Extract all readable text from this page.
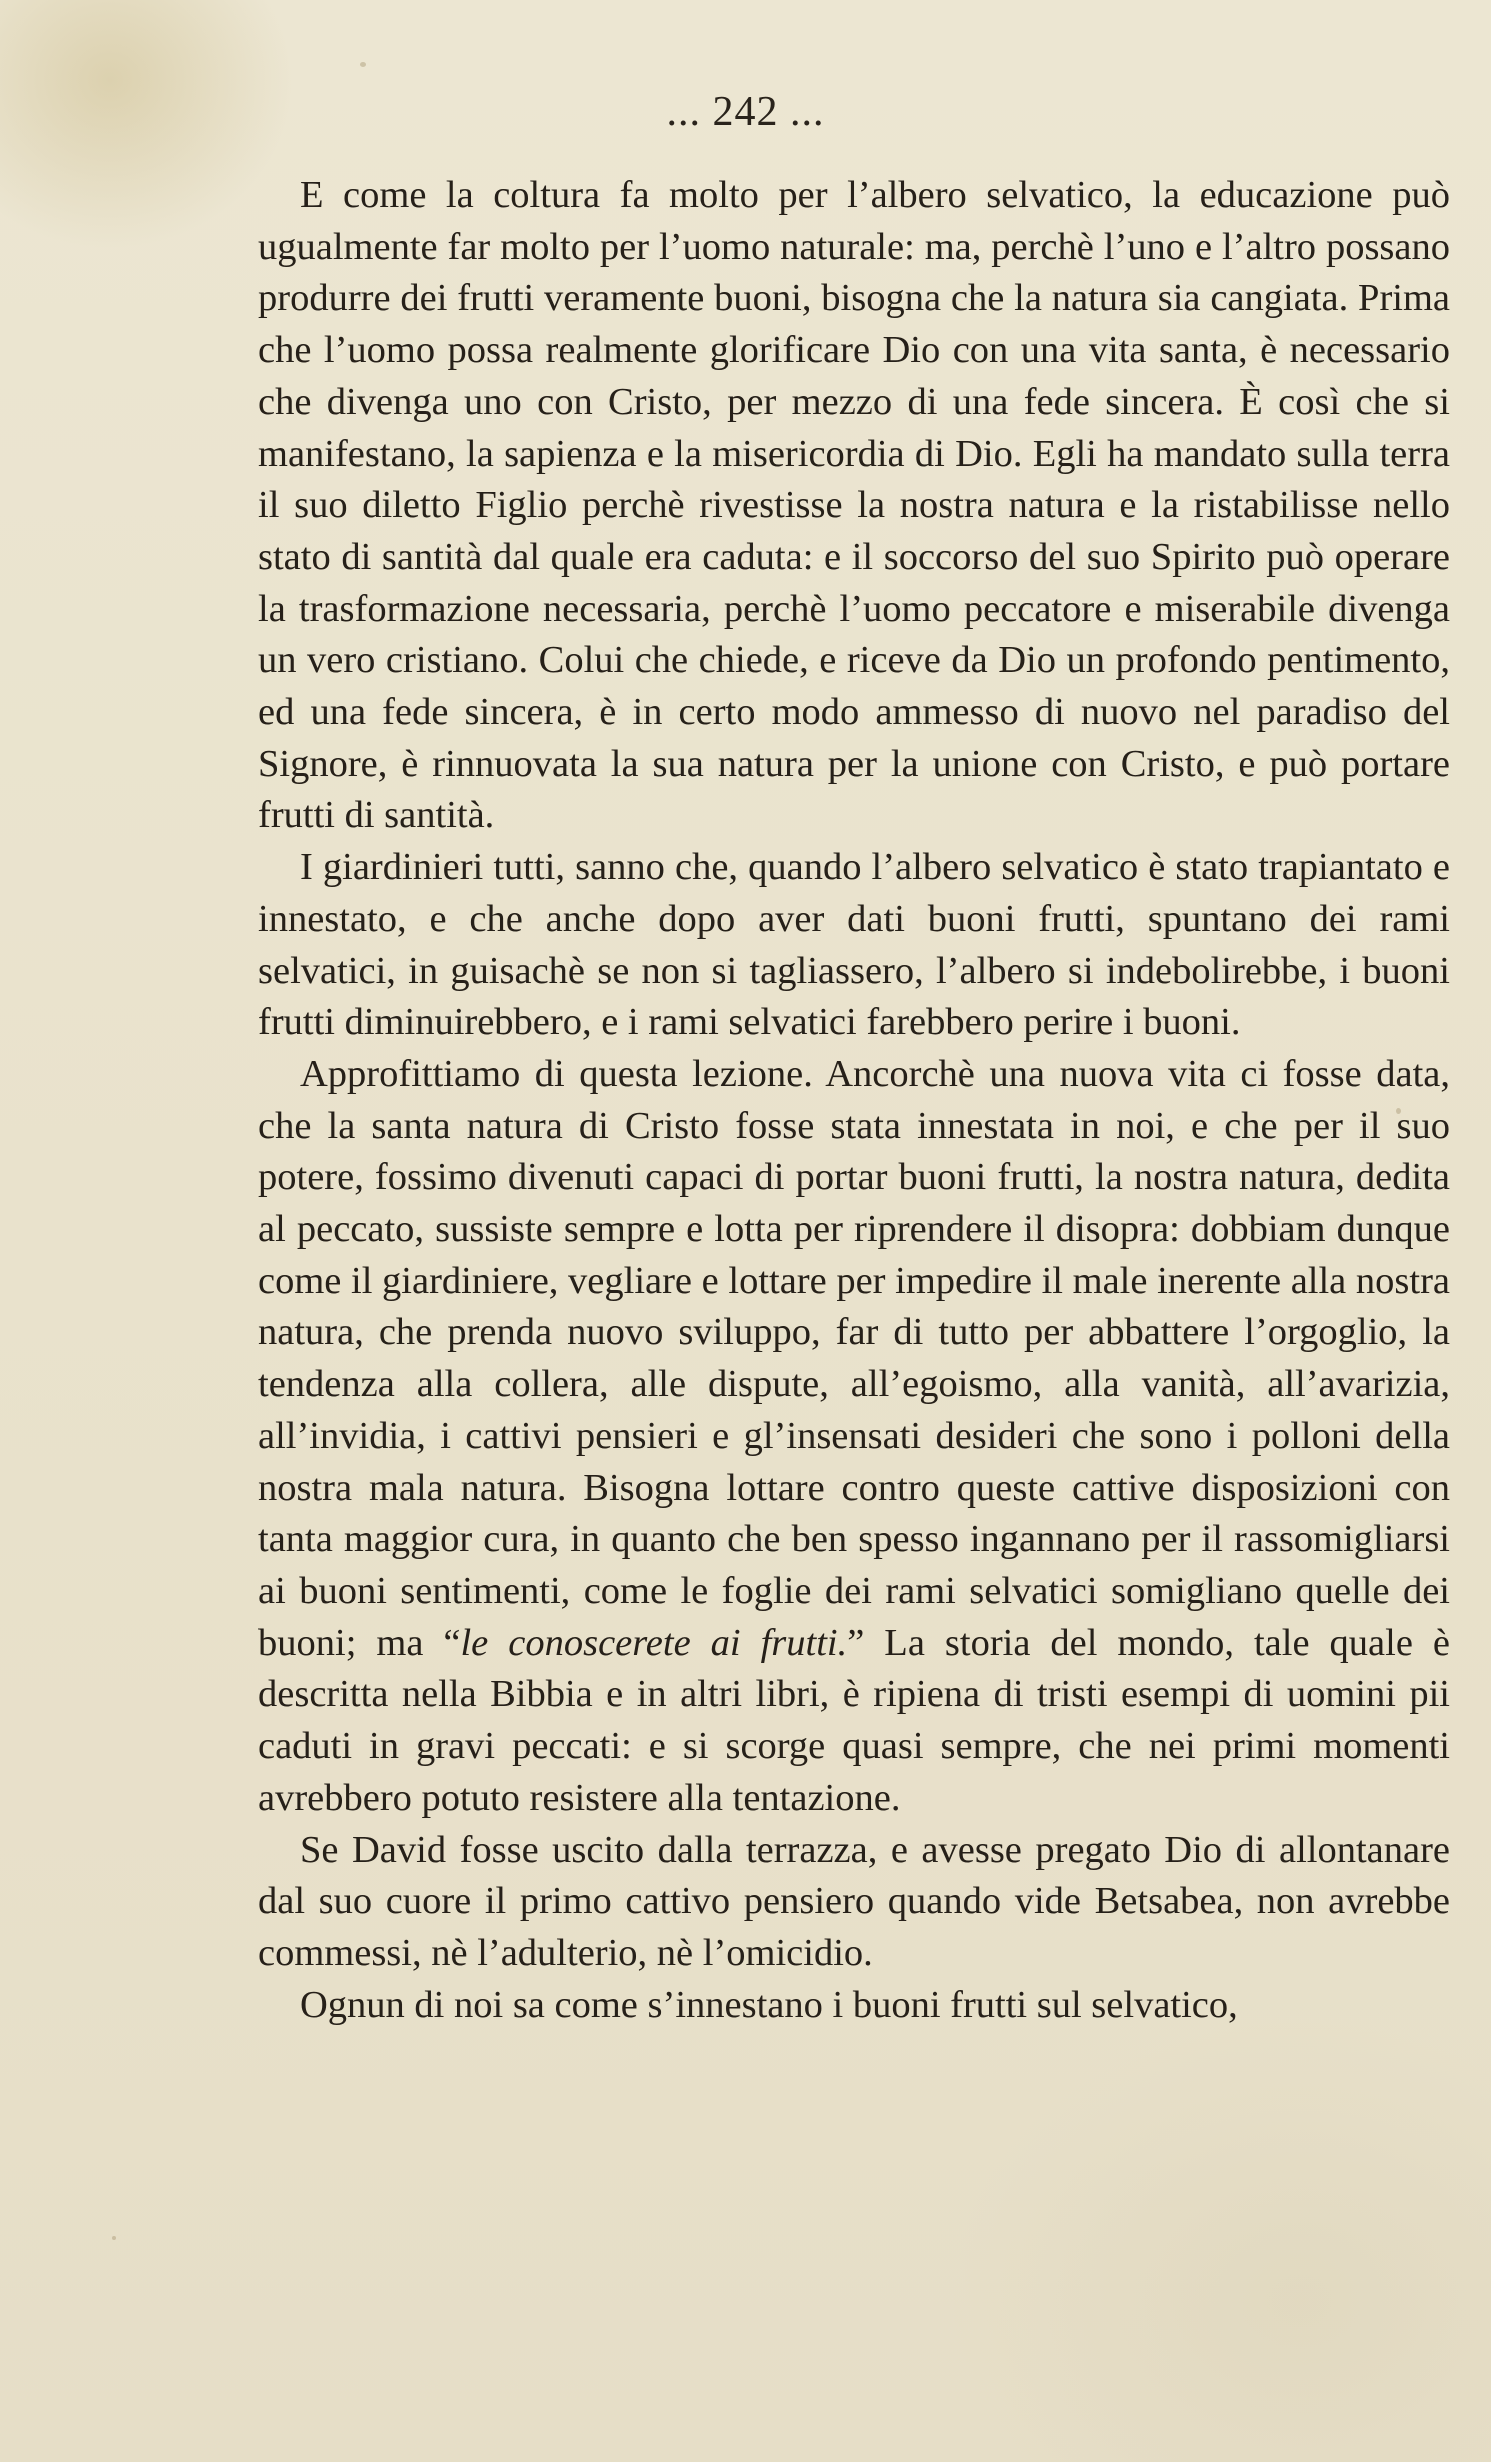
... 242 ...

E come la coltura fa molto per l’albero selvatico, la educazione può ugualmente far molto per l’uomo naturale: ma, perchè l’uno e l’altro possano produrre dei frutti veramente buoni, bisogna che la natura sia cangiata. Prima che l’uomo possa realmente glorificare Dio con una vita santa, è necessario che divenga uno con Cristo, per mezzo di una fede sincera. È così che si manifestano, la sapienza e la misericordia di Dio. Egli ha mandato sulla terra il suo diletto Figlio perchè rivestisse la nostra natura e la ristabilisse nello stato di santità dal quale era caduta: e il soccorso del suo Spirito può operare la trasformazione necessaria, perchè l’uomo peccatore e miserabile divenga un vero cristiano. Colui che chiede, e riceve da Dio un profondo pentimento, ed una fede sincera, è in certo modo ammesso di nuovo nel paradiso del Signore, è rinnuovata la sua natura per la unione con Cristo, e può portare frutti di santità.

I giardinieri tutti, sanno che, quando l’albero selvatico è stato trapiantato e innestato, e che anche dopo aver dati buoni frutti, spuntano dei rami selvatici, in guisachè se non si tagliassero, l’albero si indebolirebbe, i buoni frutti diminuirebbero, e i rami selvatici farebbero perire i buoni.

Approfittiamo di questa lezione. Ancorchè una nuova vita ci fosse data, che la santa natura di Cristo fosse stata innestata in noi, e che per il suo potere, fossimo divenuti capaci di portar buoni frutti, la nostra natura, dedita al peccato, sussiste sempre e lotta per riprendere il disopra: dobbiam dunque come il giardiniere, vegliare e lottare per impedire il male inerente alla nostra natura, che prenda nuovo sviluppo, far di tutto per abbattere l’orgoglio, la tendenza alla collera, alle dispute, all’egoismo, alla vanità, all’avarizia, all’invidia, i cattivi pensieri e gl’insensati desideri che sono i polloni della nostra mala natura. Bisogna lottare contro queste cattive disposizioni con tanta maggior cura, in quanto che ben spesso ingannano per il rassomigliarsi ai buoni sentimenti, come le foglie dei rami selvatici somigliano quelle dei buoni; ma “le conoscerete ai frutti.” La storia del mondo, tale quale è descritta nella Bibbia e in altri libri, è ripiena di tristi esempi di uomini pii caduti in gravi peccati: e si scorge quasi sempre, che nei primi momenti avrebbero potuto resistere alla tentazione.

Se David fosse uscito dalla terrazza, e avesse pregato Dio di allontanare dal suo cuore il primo cattivo pensiero quando vide Betsabea, non avrebbe commessi, nè l’adulterio, nè l’omicidio.

Ognun di noi sa come s’innestano i buoni frutti sul selvatico,
